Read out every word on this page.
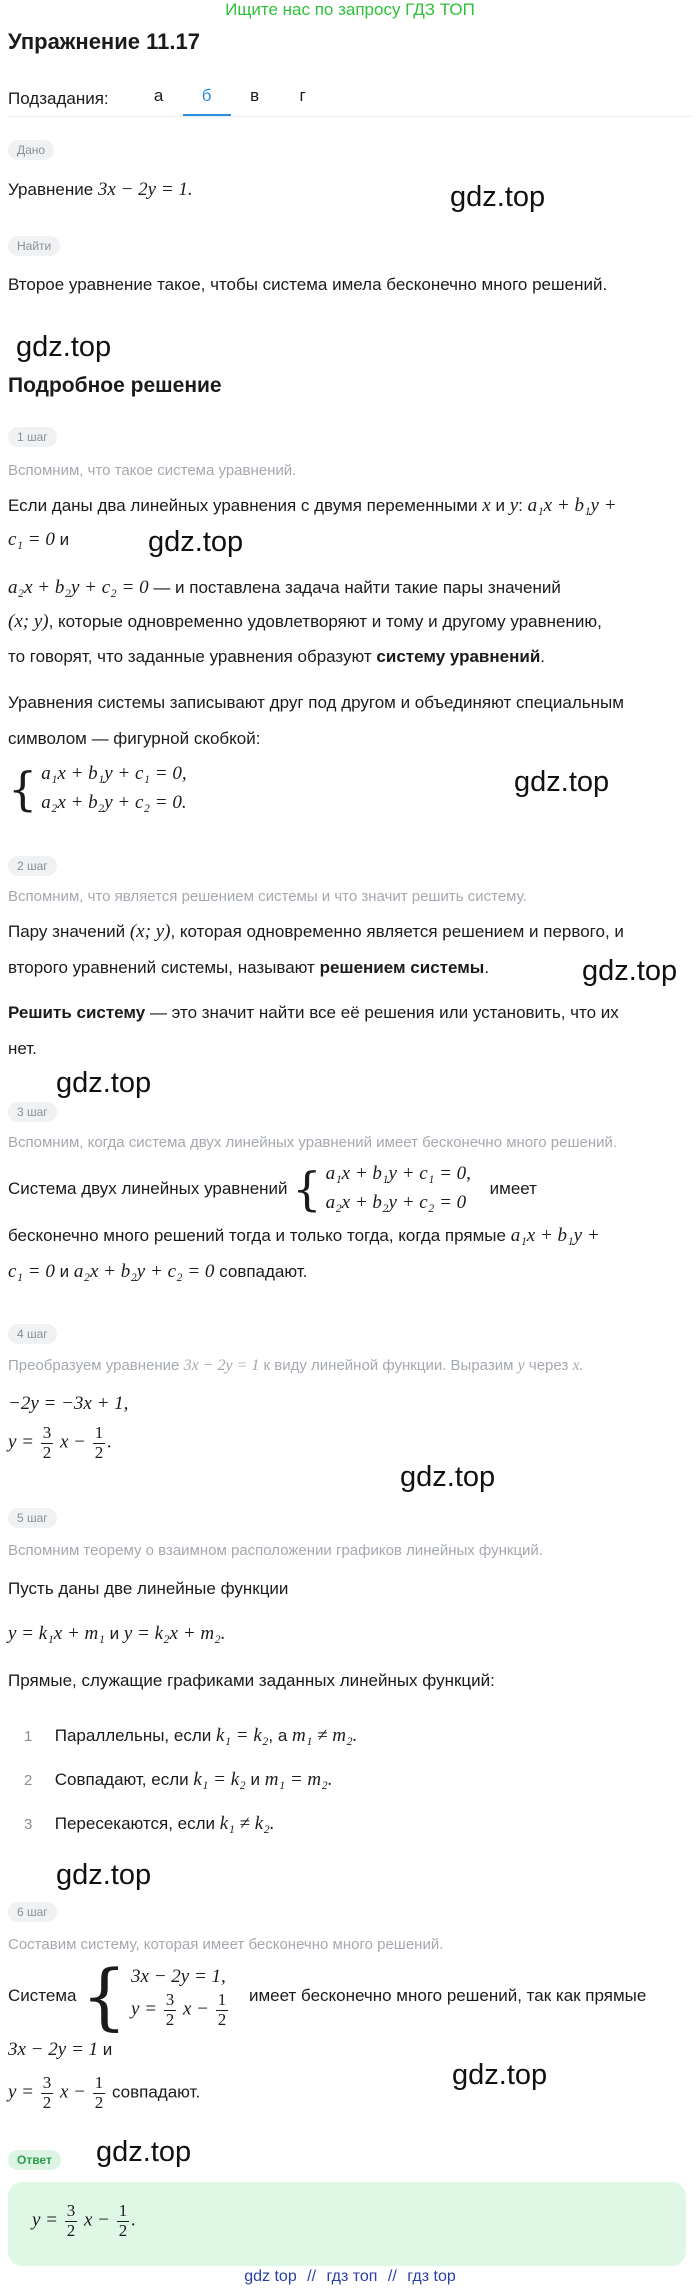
Ищите нас по запросу ГДЗ ТОП
Упражнение 11.17
Подзадания:	а	б	в	г
Дано
Уравнение 3x − 2y = 1.
Найти
Второе уравнение такое, чтобы система имела бесконечно много решений.
gdz.top
gdz.top
gdz.top
gdz.top
gdz.top
gdz.top
gdz.top
gdz.top
gdz.top
gdz.top
Подробное решение
1 шаг
Вспомним, что такое система уравнений.
Если даны два линейных уравнения с двумя переменными x и y: a₁x + b₁y +
c₁ = 0 и
a₂x + b₂y + c₂ = 0 — и поставлена задача найти такие пары значений
(x; y), которые одновременно удовлетворяют и тому и другому уравнению,
то говорят, что заданные уравнения образуют систему уравнений.
Уравнения системы записывают друг под другом и объединяют специальным
символом — фигурной скобкой:
{ a₁x + b₁y + c₁ = 0,
a₂x + b₂y + c₂ = 0.
2 шаг
Вспомним, что является решением системы и что значит решить систему.
Пару значений (x; y), которая одновременно является решением и первого, и
второго уравнений системы, называют решением системы.
Решить систему — это значит найти все её решения или установить, что их
нет.
3 шаг
Вспомним, когда система двух линейных уравнений имеет бесконечно много решений.
Система двух линейных уравнений { a₁x + b₁y + c₁ = 0,
a₂x + b₂y + c₂ = 0
имеет
бесконечно много решений тогда и только тогда, когда прямые a₁x + b₁y +
c₁ = 0 и a₂x + b₂y + c₂ = 0 совпадают.
4 шаг
Преобразуем уравнение 3x − 2y = 1 к виду линейной функции. Выразим y через x.
−2y = −3x + 1,
$y = \frac{3}{2}$ $x - \frac{1}{2}$ .
5 шаг
Вспомним теорему о взаимном расположении графиков линейных функций.
Пусть даны две линейные функции
y = k₁x + m₁ и y = k₂x + m₂.
Прямые, служащие графиками заданных линейных функций:
1 Параллельны, если k₁ = k₂, а m₁ ≠ m₂.
2 Совпадают, если k₁ = k₂ и m₁ = m₂.
3 Пересекаются, если k₁ ≠ k₂.
6 шаг
Составим систему, которая имеет бесконечно много решений.
Система { 3x − 2y = 1,
$y = \frac{3}{2}$ $x - \frac{1}{2}$ имеет бесконечно много решений, так как прямые
3x − 2y = 1 и
$y = \frac{3}{2}$ $x - \frac{1}{2}$ совпадают.
Ответ
$y = \frac{3}{2}$ $x - \frac{1}{2}$ .
gdz top // гдз топ // гдз top
